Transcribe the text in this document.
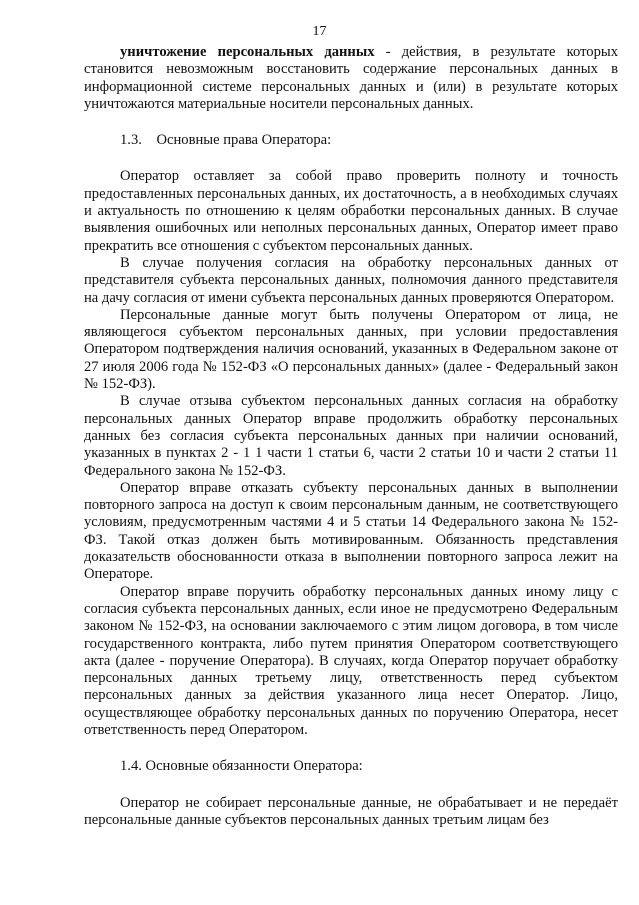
17

уничтожение персональных данных - действия, в результате которых становится невозможным восстановить содержание персональных данных в информационной системе персональных данных и (или) в результате которых уничтожаются материальные носители персональных данных.

1.3.    Основные права Оператора:

Оператор оставляет за собой право проверить полноту и точность предоставленных персональных данных, их достаточность, а в необходимых случаях и актуальность по отношению к целям обработки персональных данных. В случае выявления ошибочных или неполных персональных данных, Оператор имеет право прекратить все отношения с субъектом персональных данных.

В случае получения согласия на обработку персональных данных от представителя субъекта персональных данных, полномочия данного представителя на дачу согласия от имени субъекта персональных данных проверяются Оператором.

Персональные данные могут быть получены Оператором от лица, не являющегося субъектом персональных данных, при условии предоставления Оператором подтверждения наличия оснований, указанных в Федеральном законе от 27 июля 2006 года № 152-ФЗ «О персональных данных» (далее - Федеральный закон № 152-ФЗ).

В случае отзыва субъектом персональных данных согласия на обработку персональных данных Оператор вправе продолжить обработку персональных данных без согласия субъекта персональных данных при наличии оснований, указанных в пунктах 2 - 1 1 части 1 статьи 6, части 2 статьи 10 и части 2 статьи 11 Федерального закона № 152-ФЗ.

Оператор вправе отказать субъекту персональных данных в выполнении повторного запроса на доступ к своим персональным данным, не соответствующего условиям, предусмотренным частями 4 и 5 статьи 14 Федерального закона № 152-ФЗ. Такой отказ должен быть мотивированным. Обязанность представления доказательств обоснованности отказа в выполнении повторного запроса лежит на Операторе.

Оператор вправе поручить обработку персональных данных иному лицу с согласия субъекта персональных данных, если иное не предусмотрено Федеральным законом № 152-ФЗ, на основании заключаемого с этим лицом договора, в том числе государственного контракта, либо путем принятия Оператором соответствующего акта (далее - поручение Оператора). В случаях, когда Оператор поручает обработку персональных данных третьему лицу, ответственность перед субъектом персональных данных за действия указанного лица несет Оператор. Лицо, осуществляющее обработку персональных данных по поручению Оператора, несет ответственность перед Оператором.

1.4. Основные обязанности Оператора:

Оператор не собирает персональные данные, не обрабатывает и не передаёт персональные данные субъектов персональных данных третьим лицам без
